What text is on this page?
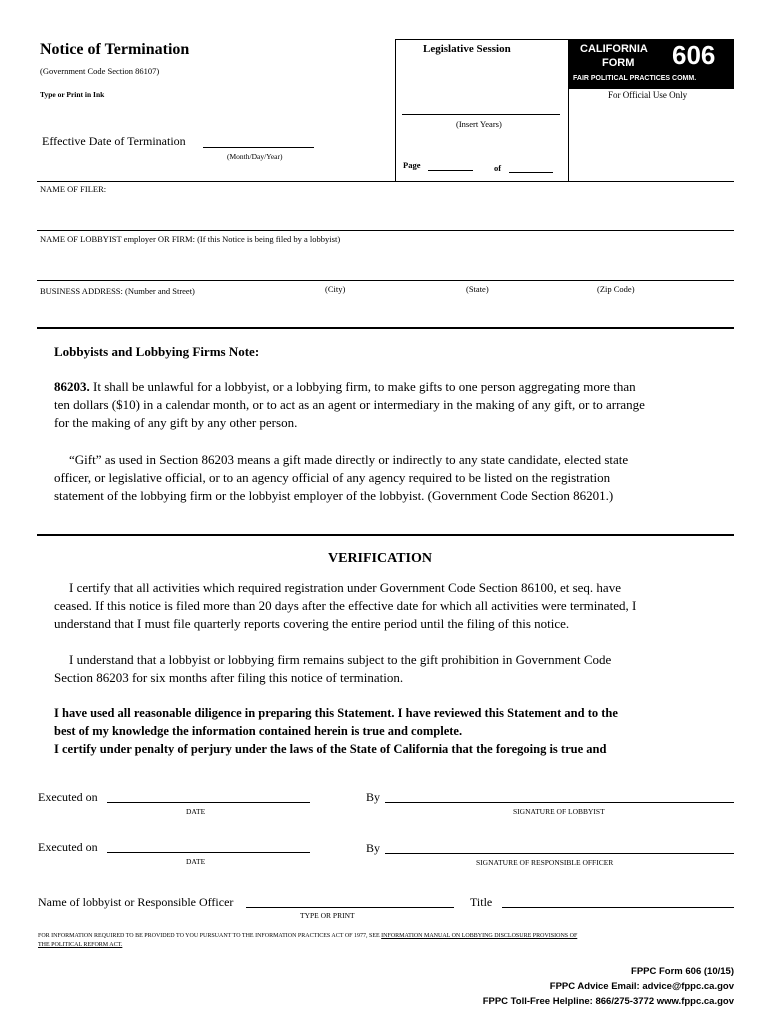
Notice of Termination
(Government Code Section 86107)
Type or Print in Ink
Effective Date of Termination
(Month/Day/Year)
Legislative Session
(Insert Years)
Page	of
CALIFORNIA
FORM 606
FAIR POLITICAL PRACTICES COMM.
For Official Use Only
NAME OF FILER:
NAME OF LOBBYIST employer OR FIRM: (If this Notice is being filed by a lobbyist)
BUSINESS ADDRESS: (Number and Street)	(City)	(State)	(Zip Code)
Lobbyists and Lobbying Firms Note:
86203. It shall be unlawful for a lobbyist, or a lobbying firm, to make gifts to one person aggregating more than
ten dollars ($10) in a calendar month, or to act as an agent or intermediary in the making of any gift, or to arrange
for the making of any gift by any other person.
“Gift” as used in Section 86203 means a gift made directly or indirectly to any state candidate, elected state
officer, or legislative official, or to an agency official of any agency required to be listed on the registration
statement of the lobbying firm or the lobbyist employer of the lobbyist. (Government Code Section 86201.)
VERIFICATION
I certify that all activities which required registration under Government Code Section 86100, et seq. have
ceased. If this notice is filed more than 20 days after the effective date for which all activities were terminated, I
understand that I must file quarterly reports covering the entire period until the filing of this notice.
I understand that a lobbyist or lobbying firm remains subject to the gift prohibition in Government Code
Section 86203 for six months after filing this notice of termination.
I have used all reasonable diligence in preparing this Statement. I have reviewed this Statement and to the
best of my knowledge the information contained herein is true and complete.
I certify under penalty of perjury under the laws of the State of California that the foregoing is true and
Executed on
DATE
By
SIGNATURE OF LOBBYIST
Executed on
DATE
By
SIGNATURE OF RESPONSIBLE OFFICER
Name of lobbyist or Responsible Officer
TYPE OR PRINT
Title
FOR INFORMATION REQUIRED TO BE PROVIDED TO YOU PURSUANT TO THE INFORMATION PRACTICES ACT OF 1977, SEE INFORMATION MANUAL ON LOBBYING DISCLOSURE PROVISIONS OF
THE POLITICAL REFORM ACT.
FPPC Form 606 (10/15)
FPPC Advice Email: advice@fppc.ca.gov
FPPC Toll-Free Helpline: 866/275-3772 www.fppc.ca.gov
